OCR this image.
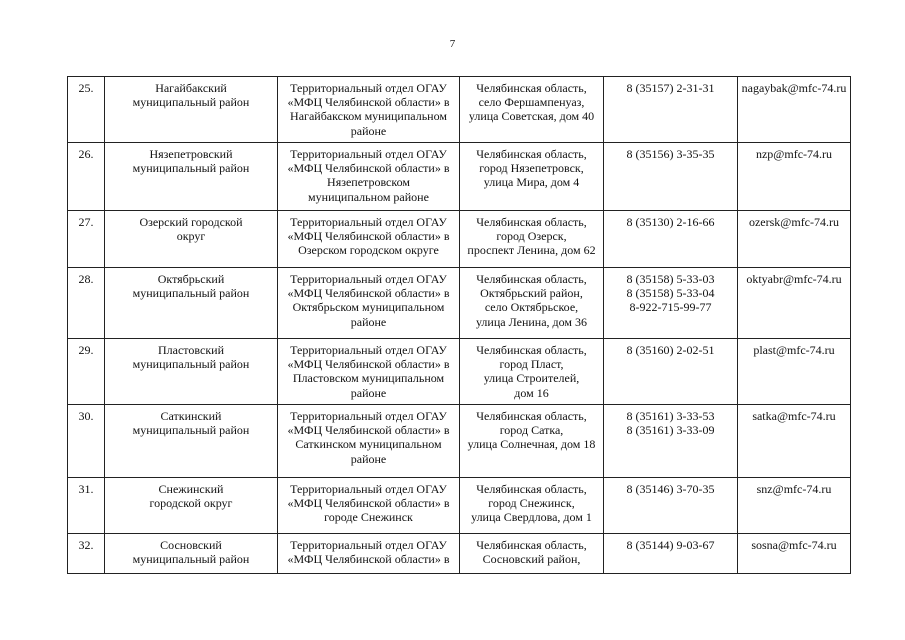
7
25.	Нагайбакский
муниципальный район	Территориальный отдел ОГАУ
«МФЦ Челябинской области» в
Нагайбакском муниципальном
районе	Челябинская область,
село Фершампенуаз,
улица Советская, дом 40	8 (35157) 2-31-31	nagaybak@mfc-74.ru
26.	Нязепетровский
муниципальный район	Территориальный отдел ОГАУ
«МФЦ Челябинской области» в
Нязепетровском
муниципальном районе	Челябинская область,
город Нязепетровск,
улица Мира, дом 4	8 (35156) 3-35-35	nzp@mfc-74.ru
27.	Озерский городской
округ	Территориальный отдел ОГАУ
«МФЦ Челябинской области» в
Озерском городском округе	Челябинская область,
город Озерск,
проспект Ленина, дом 62	8 (35130) 2-16-66	ozersk@mfc-74.ru
28.	Октябрьский
муниципальный район	Территориальный отдел ОГАУ
«МФЦ Челябинской области» в
Октябрьском муниципальном
районе	Челябинская область,
Октябрьский район,
село Октябрьское,
улица Ленина, дом 36	8 (35158) 5-33-03
8 (35158) 5-33-04
8-922-715-99-77	oktyabr@mfc-74.ru
29.	Пластовский
муниципальный район	Территориальный отдел ОГАУ
«МФЦ Челябинской области» в
Пластовском муниципальном
районе	Челябинская область,
город Пласт,
улица Строителей,
дом 16	8 (35160) 2-02-51	plast@mfc-74.ru
30.	Саткинский
муниципальный район	Территориальный отдел ОГАУ
«МФЦ Челябинской области» в
Саткинском муниципальном
районе	Челябинская область,
город Сатка,
улица Солнечная, дом 18	8 (35161) 3-33-53
8 (35161) 3-33-09	satka@mfc-74.ru
31.	Снежинский
городской округ	Территориальный отдел ОГАУ
«МФЦ Челябинской области» в
городе Снежинск	Челябинская область,
город Снежинск,
улица Свердлова, дом 1	8 (35146) 3-70-35	snz@mfc-74.ru
32.	Сосновский
муниципальный район	Территориальный отдел ОГАУ
«МФЦ Челябинской области» в	Челябинская область,
Сосновский район,	8 (35144) 9-03-67	sosna@mfc-74.ru
